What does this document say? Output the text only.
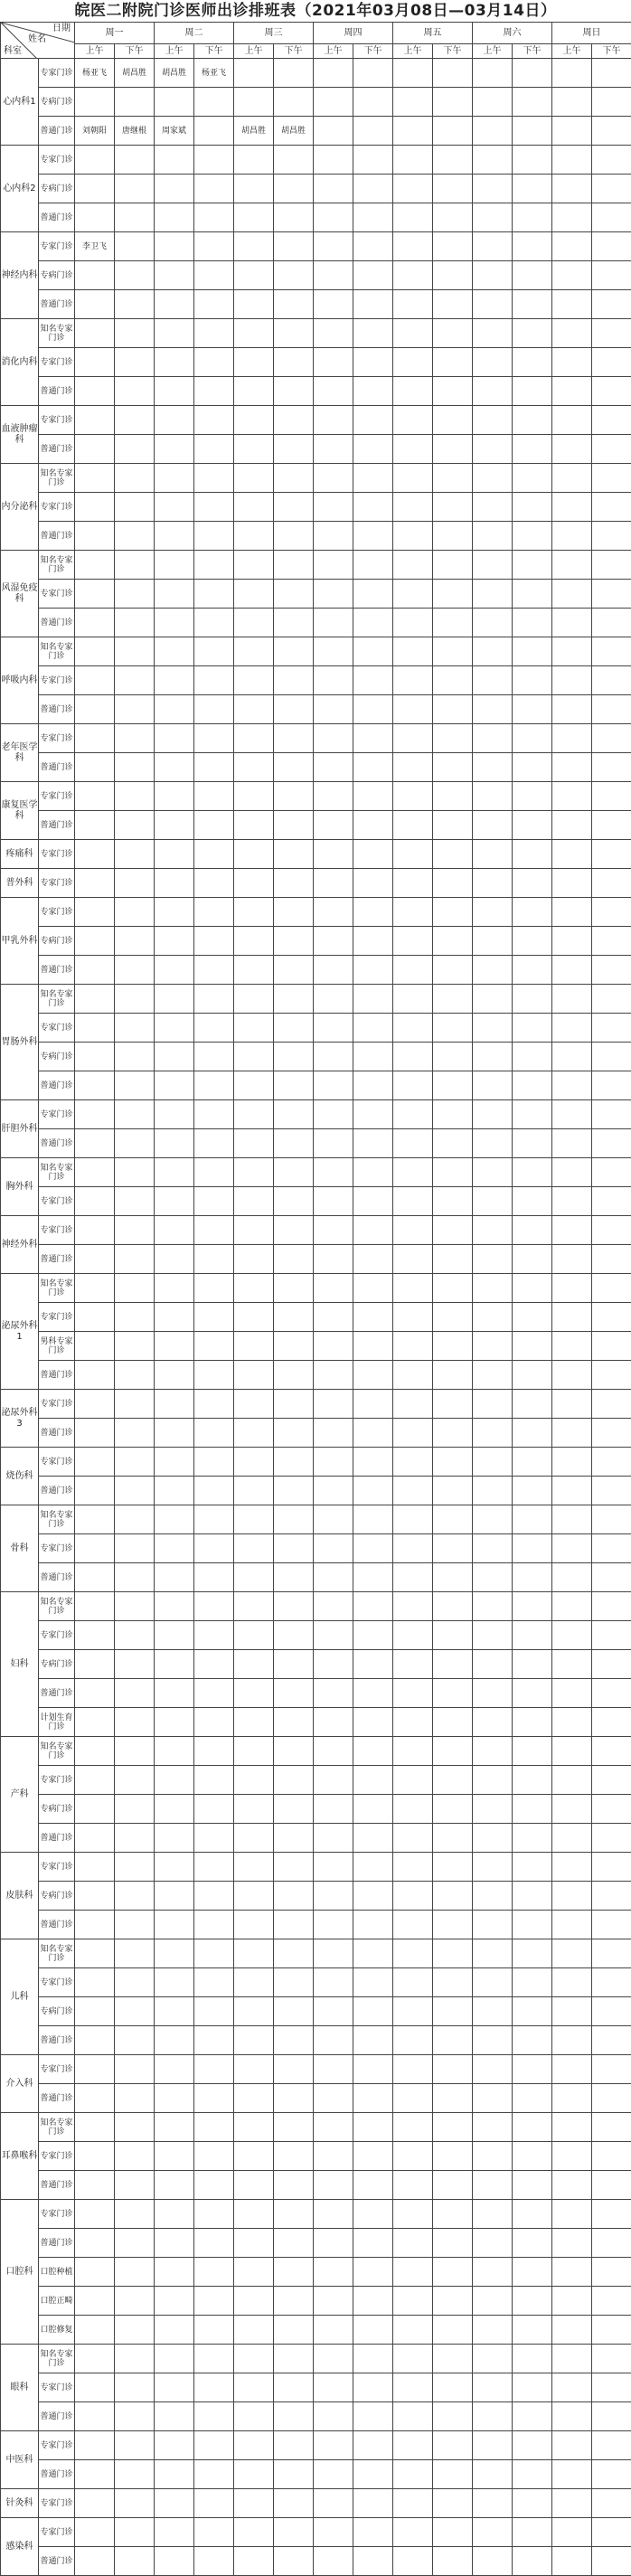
皖医二附院门诊医师出诊排班表（2021年03月08日—03月14日）
日期
姓名
科室		周一		周二		周三		周四		周五		周六		周日	
		上午	下午	上午	下午	上午	下午	上午	下午	上午	下午	上午	下午	上午	下午
心内科1	专家门诊	杨亚飞	胡昌胜	胡昌胜	杨亚飞										
	专病门诊														
	普通门诊	刘朝阳	唐继根	周家斌		胡昌胜	胡昌胜								
心内科2	专家门诊														
	专病门诊														
	普通门诊														
神经内科	专家门诊	李卫飞													
	专病门诊														
	普通门诊														
消化内科	知名专家门诊														
	专家门诊														
	普通门诊														
血液肿瘤科	专家门诊														
	普通门诊														
内分泌科	知名专家门诊														
	专家门诊														
	普通门诊														
风湿免疫科	知名专家门诊														
	专家门诊														
	普通门诊														
呼吸内科	知名专家门诊														
	专家门诊														
	普通门诊														
老年医学科	专家门诊														
	普通门诊														
康复医学科	专家门诊														
	普通门诊														
疼痛科	专家门诊														
普外科	专家门诊														
甲乳外科	专家门诊														
	专病门诊														
	普通门诊														
胃肠外科	知名专家门诊														
	专家门诊														
	专病门诊														
	普通门诊														
肝胆外科	专家门诊														
	普通门诊														
胸外科	知名专家门诊														
	专家门诊														
神经外科	专家门诊														
	普通门诊														
泌尿外科1	知名专家门诊														
	专家门诊														
	男科专家门诊														
	普通门诊														
泌尿外科3	专家门诊														
	普通门诊														
烧伤科	专家门诊														
	普通门诊														
骨科	知名专家门诊														
	专家门诊														
	普通门诊														
妇科	知名专家门诊														
	专家门诊														
	专病门诊														
	普通门诊														
	计划生育门诊														
产科	知名专家门诊														
	专家门诊														
	专病门诊														
	普通门诊														
皮肤科	专家门诊														
	专病门诊														
	普通门诊														
儿科	知名专家门诊														
	专家门诊														
	专病门诊														
	普通门诊														
介入科	专家门诊														
	普通门诊														
耳鼻喉科	知名专家门诊														
	专家门诊														
	普通门诊														
口腔科	专家门诊														
	普通门诊														
	口腔种植														
	口腔正畸														
	口腔修复														
眼科	知名专家门诊														
	专家门诊														
	普通门诊														
中医科	专家门诊														
	普通门诊														
针灸科	专家门诊														
感染科	专家门诊														
	普通门诊														
